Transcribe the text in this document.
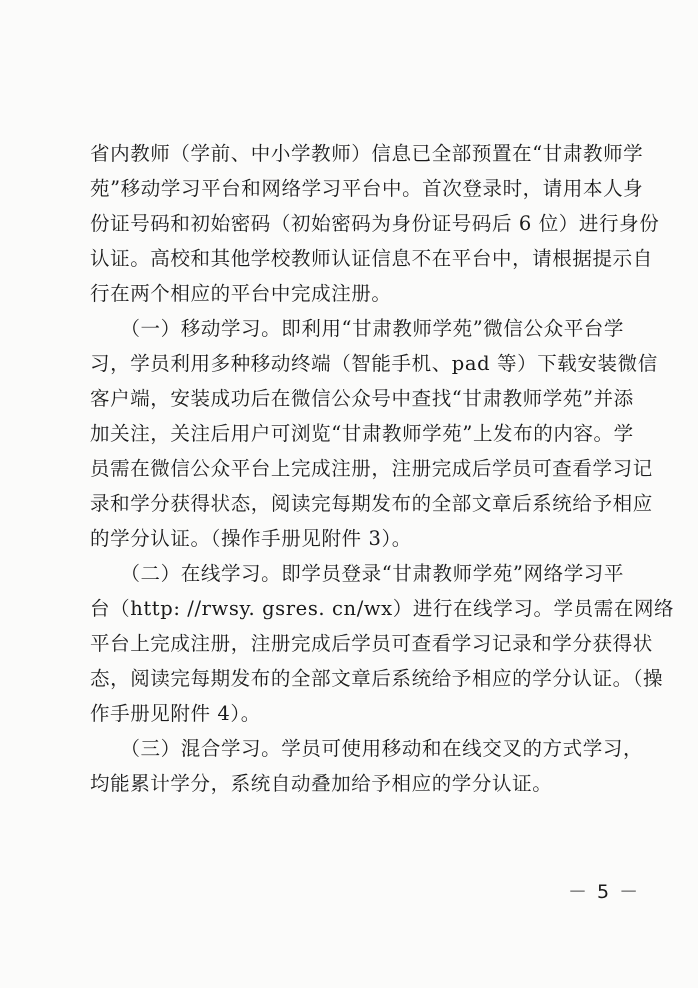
省内教师（学前、中小学教师）信息已全部预置在“甘肃教师学
苑”移动学习平台和网络学习平台中。首次登录时，请用本人身
份证号码和初始密码（初始密码为身份证号码后 6 位）进行身份
认证。高校和其他学校教师认证信息不在平台中，请根据提示自
行在两个相应的平台中完成注册。
　　（一）移动学习。即利用“甘肃教师学苑”微信公众平台学
习，学员利用多种移动终端（智能手机、pad 等）下载安装微信
客户端，安装成功后在微信公众号中查找“甘肃教师学苑”并添
加关注，关注后用户可浏览“甘肃教师学苑”上发布的内容。学
员需在微信公众平台上完成注册，注册完成后学员可查看学习记
录和学分获得状态，阅读完每期发布的全部文章后系统给予相应
的学分认证。（操作手册见附件 3）。
　　（二）在线学习。即学员登录“甘肃教师学苑”网络学习平
台（http: //rwsy. gsres. cn/wx）进行在线学习。学员需在网络
平台上完成注册，注册完成后学员可查看学习记录和学分获得状
态，阅读完每期发布的全部文章后系统给予相应的学分认证。（操
作手册见附件 4）。
　　（三）混合学习。学员可使用移动和在线交叉的方式学习，
均能累计学分，系统自动叠加给予相应的学分认证。
－ 5 －
